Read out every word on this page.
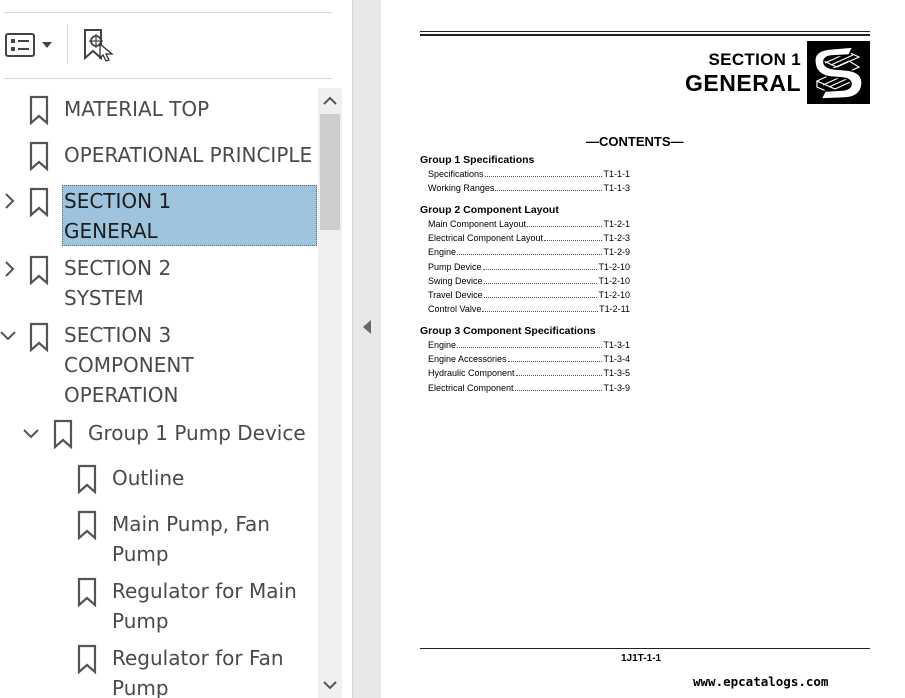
MATERIAL TOP
OPERATIONAL PRINCIPLE
SECTION 1
GENERAL
SECTION 2
SYSTEM
SECTION 3
COMPONENT
OPERATION
Group 1 Pump Device
Outline
Main Pump, Fan
Pump
Regulator for Main
Pump
Regulator for Fan
Pump
SECTION 1
GENERAL
—CONTENTS—
Group 1 Specifications
Specifications	T1-1-1
Working Ranges	T1-1-3
Group 2 Component Layout
Main Component Layout	T1-2-1
Electrical Component Layout	T1-2-3
Engine	T1-2-9
Pump Device	T1-2-10
Swing Device	T1-2-10
Travel Device	T1-2-10
Control Valve	T1-2-11
Group 3 Component Specifications
Engine	T1-3-1
Engine Accessories	T1-3-4
Hydraulic Component	T1-3-5
Electrical Component	T1-3-9
1J1T-1-1
www.epcatalogs.com
